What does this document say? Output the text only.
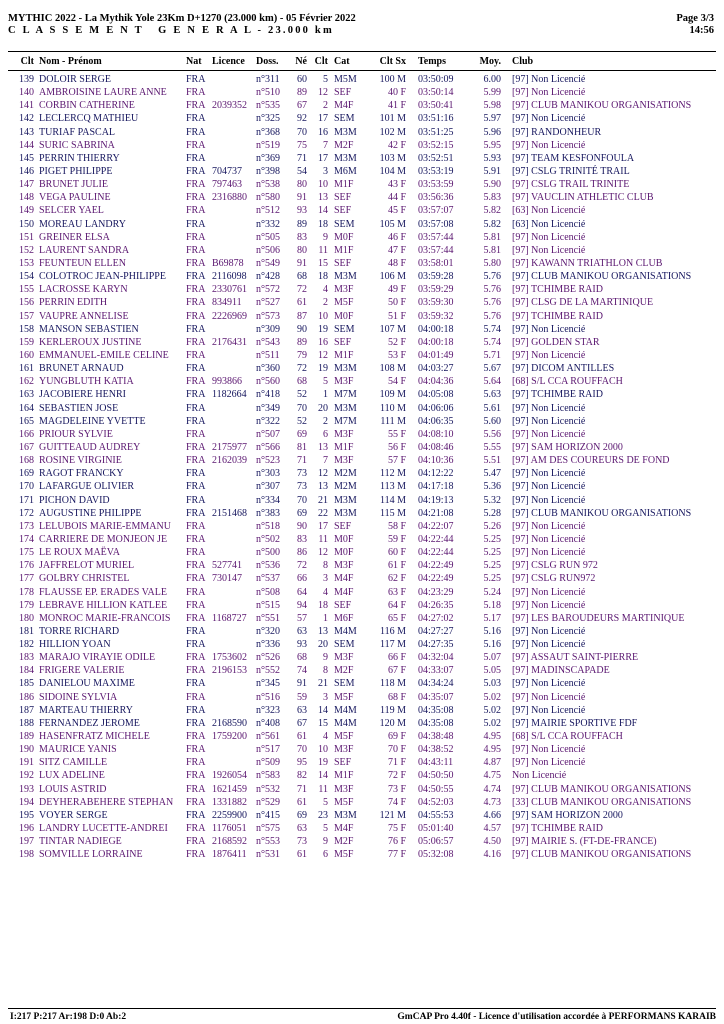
MYTHIC 2022 - La Mythik Yole 23Km D+1270 (23.000 km) - 05 Février 2022
C L A S S E M E N T   G E N E R A L - 23.000 km
Page 3/3
14:56
Clt Nom - Prénom	Nat	Licence	Doss.	Né Clt Cat	Clt Sx Temps	Moy. Club
139 DOLOIR SERGE	FRA	n°311	60	5 M5M	100 M 03:50:09	6.00 [97] Non Licencié
140 AMBROISINE LAURE ANNE	FRA	n°510	89	12 SEF	40 F 03:50:14	5.99 [97] Non Licencié
141 CORBIN CATHERINE	FRA 2039352 n°535	67	2 M4F	41 F 03:50:41	5.98 [97] CLUB MANIKOU ORGANISATIONS
142 LECLERCQ MATHIEU	FRA	n°325	92	17 SEM	101 M 03:51:16	5.97 [97] Non Licencié
143 TURIAF PASCAL	FRA	n°368	70	16 M3M	102 M 03:51:25	5.96 [97] RANDONHEUR
144 SURIC SABRINA	FRA	n°519	75	7 M2F	42 F 03:52:15	5.95 [97] Non Licencié
145 PERRIN THIERRY	FRA	n°369	71	17 M3M	103 M 03:52:51	5.93 [97] TEAM KESFONFOULA
146 PIGET PHILIPPE	FRA 704737	n°398	54	3 M6M	104 M 03:53:19	5.91 [97] CSLG TRINITÉ TRAIL
147 BRUNET JULIE	FRA 797463	n°538	80	10 M1F	43 F 03:53:59	5.90 [97] CSLG TRAIL TRINITE
148 VEGA PAULINE	FRA 2316880 n°580	91	13 SEF	44 F 03:56:36	5.83 [97] VAUCLIN ATHLETIC CLUB
149 SELCER YAEL	FRA	n°512	93	14 SEF	45 F 03:57:07	5.82 [63] Non Licencié
150 MOREAU LANDRY	FRA	n°332	89	18 SEM	105 M 03:57:08	5.82 [63] Non Licencié
151 GREINER ELSA	FRA	n°505	83	9 M0F	46 F 03:57:44	5.81 [97] Non Licencié
152 LAURENT SANDRA	FRA	n°506	80	11 M1F	47 F 03:57:44	5.81 [97] Non Licencié
153 FEUNTEUN ELLEN	FRA B69878	n°549	91	15 SEF	48 F 03:58:01	5.80 [97] KAWANN TRIATHLON CLUB
154 COLOTROC JEAN-PHILIPPE	FRA 2116098 n°428	68	18 M3M	106 M 03:59:28	5.76 [97] CLUB MANIKOU ORGANISATIONS
155 LACROSSE KARYN	FRA 2330761 n°572	72	4 M3F	49 F 03:59:29	5.76 [97] TCHIMBE RAID
156 PERRIN EDITH	FRA 834911	n°527	61	2 M5F	50 F 03:59:30	5.76 [97] CLSG DE LA MARTINIQUE
157 VAUPRE ANNELISE	FRA 2226969 n°573	87	10 M0F	51 F 03:59:32	5.76 [97] TCHIMBE RAID
158 MANSON SEBASTIEN	FRA	n°309	90	19 SEM	107 M 04:00:18	5.74 [97] Non Licencié
159 KERLEROUX JUSTINE	FRA 2176431 n°543	89	16 SEF	52 F 04:00:18	5.74 [97] GOLDEN STAR
160 EMMANUEL-EMILE CELINE	FRA	n°511	79	12 M1F	53 F 04:01:49	5.71 [97] Non Licencié
161 BRUNET ARNAUD	FRA	n°360	72	19 M3M	108 M 04:03:27	5.67 [97] DICOM ANTILLES
162 YUNGBLUTH KATIA	FRA 993866	n°560	68	5 M3F	54 F 04:04:36	5.64 [68] S/L CCA ROUFFACH
163 JACOBIERE HENRI	FRA 1182664 n°418	52	1 M7M	109 M 04:05:08	5.63 [97] TCHIMBE RAID
164 SEBASTIEN JOSE	FRA	n°349	70	20 M3M	110 M 04:06:06	5.61 [97] Non Licencié
165 MAGDELEINE YVETTE	FRA	n°322	52	2 M7M	111 M 04:06:35	5.60 [97] Non Licencié
166 PRIOUR SYLVIE	FRA	n°507	69	6 M3F	55 F 04:08:10	5.56 [97] Non Licencié
167 GUITTEAUD AUDREY	FRA 2175977 n°566	81	13 M1F	56 F 04:08:46	5.55 [97] SAM HORIZON 2000
168 ROSINE VIRGINIE	FRA 2162039 n°523	71	7 M3F	57 F 04:10:36	5.51 [97] AM DES COUREURS DE FOND
169 RAGOT FRANCKY	FRA	n°303	73	12 M2M	112 M 04:12:22	5.47 [97] Non Licencié
170 LAFARGUE OLIVIER	FRA	n°307	73	13 M2M	113 M 04:17:18	5.36 [97] Non Licencié
171 PICHON DAVID	FRA	n°334	70	21 M3M	114 M 04:19:13	5.32 [97] Non Licencié
172 AUGUSTINE PHILIPPE	FRA 2151468 n°383	69	22 M3M	115 M 04:21:08	5.28 [97] CLUB MANIKOU ORGANISATIONS
173 LELUBOIS MARIE-EMMANU	FRA	n°518	90	17 SEF	58 F 04:22:07	5.26 [97] Non Licencié
174 CARRIERE DE MONJEON JE	FRA	n°502	83	11 M0F	59 F 04:22:44	5.25 [97] Non Licencié
175 LE ROUX MAËVA	FRA	n°500	86	12 M0F	60 F 04:22:44	5.25 [97] Non Licencié
176 JAFFRELOT MURIEL	FRA 527741	n°536	72	8 M3F	61 F 04:22:49	5.25 [97] CSLG RUN 972
177 GOLBRY CHRISTEL	FRA 730147	n°537	66	3 M4F	62 F 04:22:49	5.25 [97] CSLG RUN972
178 FLAUSSE EP. ERADES VALE	FRA	n°508	64	4 M4F	63 F 04:23:29	5.24 [97] Non Licencié
179 LEBRAVE HILLION KATLEE	FRA	n°515	94	18 SEF	64 F 04:26:35	5.18 [97] Non Licencié
180 MONROC MARIE-FRANCOIS	FRA 1168727 n°551	57	1 M6F	65 F 04:27:02	5.17 [97] LES BAROUDEURS MARTINIQUE
181 TORRE RICHARD	FRA	n°320	63	13 M4M	116 M 04:27:27	5.16 [97] Non Licencié
182 HILLION YOAN	FRA	n°336	93	20 SEM	117 M 04:27:35	5.16 [97] Non Licencié
183 MARAJO VIRAYIE ODILE	FRA 1753602 n°526	68	9 M3F	66 F 04:32:04	5.07 [97] ASSAUT SAINT-PIERRE
184 FRIGERE VALERIE	FRA 2196153 n°552	74	8 M2F	67 F 04:33:07	5.05 [97] MADINSCAPADE
185 DANIELOU MAXIME	FRA	n°345	91	21 SEM	118 M 04:34:24	5.03 [97] Non Licencié
186 SIDOINE SYLVIA	FRA	n°516	59	3 M5F	68 F 04:35:07	5.02 [97] Non Licencié
187 MARTEAU THIERRY	FRA	n°323	63	14 M4M	119 M 04:35:08	5.02 [97] Non Licencié
188 FERNANDEZ JEROME	FRA 2168590 n°408	67	15 M4M	120 M 04:35:08	5.02 [97] MAIRIE SPORTIVE FDF
189 HASENFRATZ MICHELE	FRA 1759200 n°561	61	4 M5F	69 F 04:38:48	4.95 [68] S/L CCA ROUFFACH
190 MAURICE YANIS	FRA	n°517	70	10 M3F	70 F 04:38:52	4.95 [97] Non Licencié
191 SITZ CAMILLE	FRA	n°509	95	19 SEF	71 F 04:43:11	4.87 [97] Non Licencié
192 LUX ADELINE	FRA 1926054 n°583	82	14 M1F	72 F 04:50:50	4.75 Non Licencié
193 LOUIS ASTRID	FRA 1621459 n°532	71	11 M3F	73 F 04:50:55	4.74 [97] CLUB MANIKOU ORGANISATIONS
194 DEYHERABEHERE STEPHAN	FRA 1331882 n°529	61	5 M5F	74 F 04:52:03	4.73 [33] CLUB MANIKOU ORGANISATIONS
195 VOYER SERGE	FRA 2259900 n°415	69	23 M3M	121 M 04:55:53	4.66 [97] SAM HORIZON 2000
196 LANDRY LUCETTE-ANDREI	FRA 1176051 n°575	63	5 M4F	75 F 05:01:40	4.57 [97] TCHIMBE RAID
197 TINTAR NADIEGE	FRA 2168592 n°553	73	9 M2F	76 F 05:06:57	4.50 [97] MAIRIE S. (FT-DE-FRANCE)
198 SOMVILLE LORRAINE	FRA 1876411 n°531	61	6 M5F	77 F 05:32:08	4.16 [97] CLUB MANIKOU ORGANISATIONS
I:217 P:217 Ar:198 D:0 Ab:2	GmCAP Pro 4.40f - Licence d'utilisation accordée à PERFORMANS KARAIB
